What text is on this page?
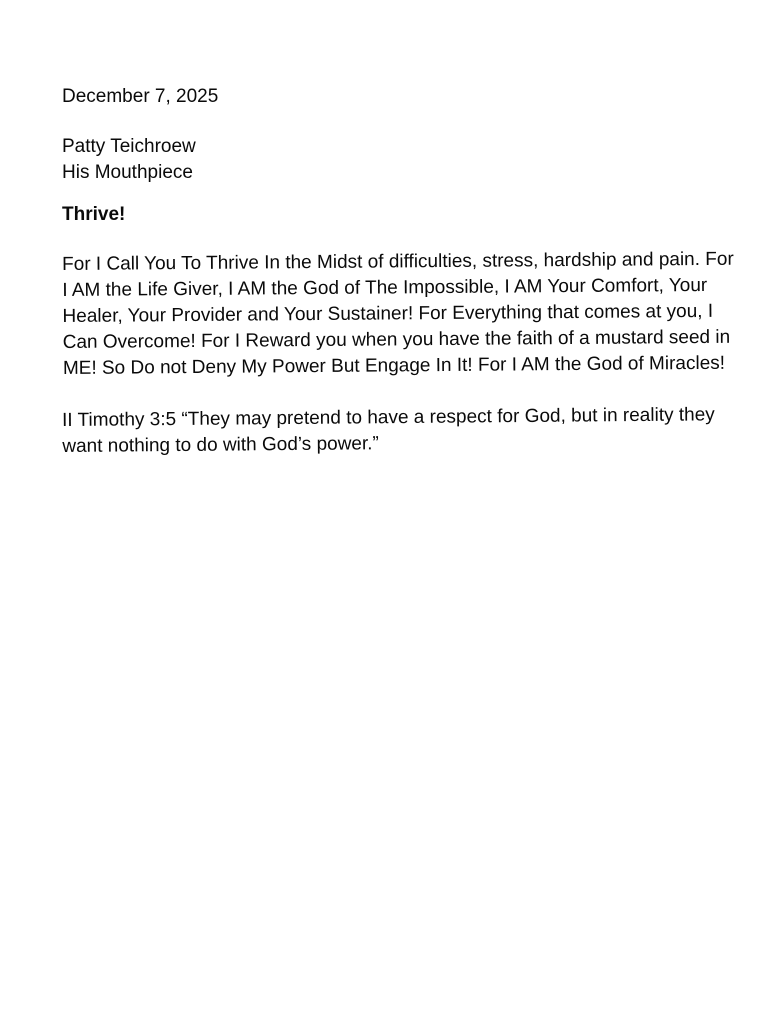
December 7, 2025

Patty Teichroew
His Mouthpiece

Thrive!

For I Call You To Thrive In the Midst of difficulties, stress, hardship and pain. For I AM the Life Giver, I AM the God of The Impossible, I AM Your Comfort, Your Healer, Your Provider and Your Sustainer! For Everything that comes at you, I Can Overcome! For I Reward you when you have the faith of a mustard seed in ME! So Do not Deny My Power But Engage In It! For I AM the God of Miracles!

II Timothy 3:5 “They may pretend to have a respect for God, but in reality they want nothing to do with God’s power.”
